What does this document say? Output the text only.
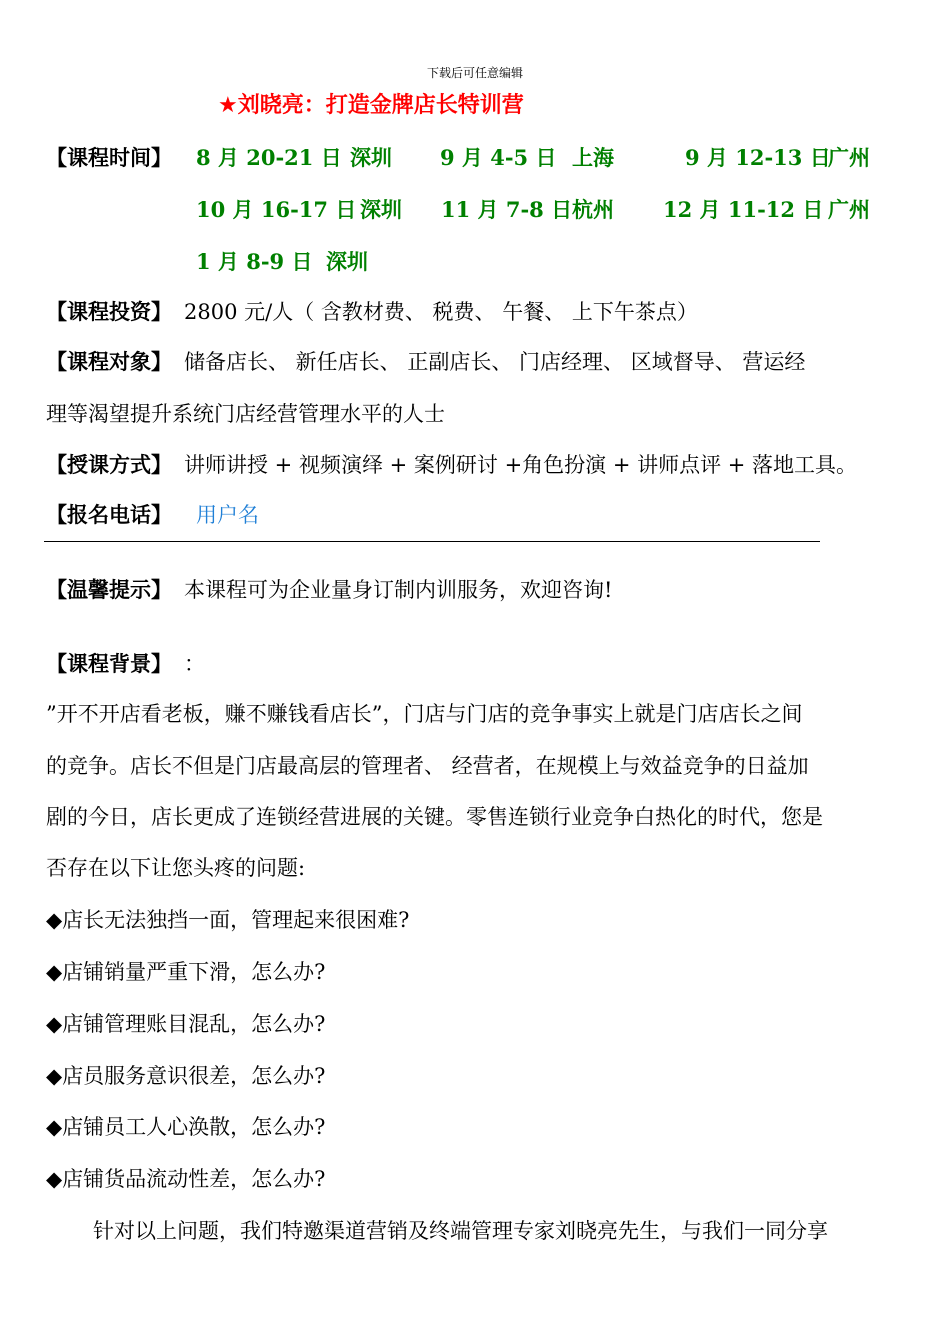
下载后可任意编辑
★刘晓亮：打造金牌店长特训营
【课程时间】 8 月 20-21 日 深圳 9 月 4-5 日 上海	9 月 12-13 日
广州
10 月 16-17 日 深圳 11 月 7-8 日 杭州 12 月 11-12 日 广州
1 月 8-9 日 深圳
【课程投资】 2800 元/人（ 含教材费、 税费、 午餐、 上下午茶点）
【课程对象】 储备店长、 新任店长、 正副店长、 门店经理、 区域督导、 营运经
理等渴望提升系统门店经营管理水平的人士
【授课方式】 讲师讲授 + 视频演绎 + 案例研讨 +角色扮演 + 讲师点评 + 落地工具。
【报名电话】 用户名
【温馨提示】 本课程可为企业量身订制内训服务，欢迎咨询!
【课程背景】 ：
”开不开店看老板，赚不赚钱看店长”，门店与门店的竞争事实上就是门店店长之间
的竞争。店长不但是门店最高层的管理者、 经营者，在规模上与效益竞争的日益加
剧的今日，店长更成了连锁经营进展的关键。零售连锁行业竞争白热化的时代，您是
否存在以下让您头疼的问题:
◆店长无法独挡一面，管理起来很困难?
◆店铺销量严重下滑，怎么办?
◆店铺管理账目混乱，怎么办?
◆店员服务意识很差，怎么办?
◆店铺员工人心涣散，怎么办?
◆店铺货品流动性差，怎么办?
针对以上问题，我们特邀渠道营销及终端管理专家刘晓亮先生，与我们一同分享
